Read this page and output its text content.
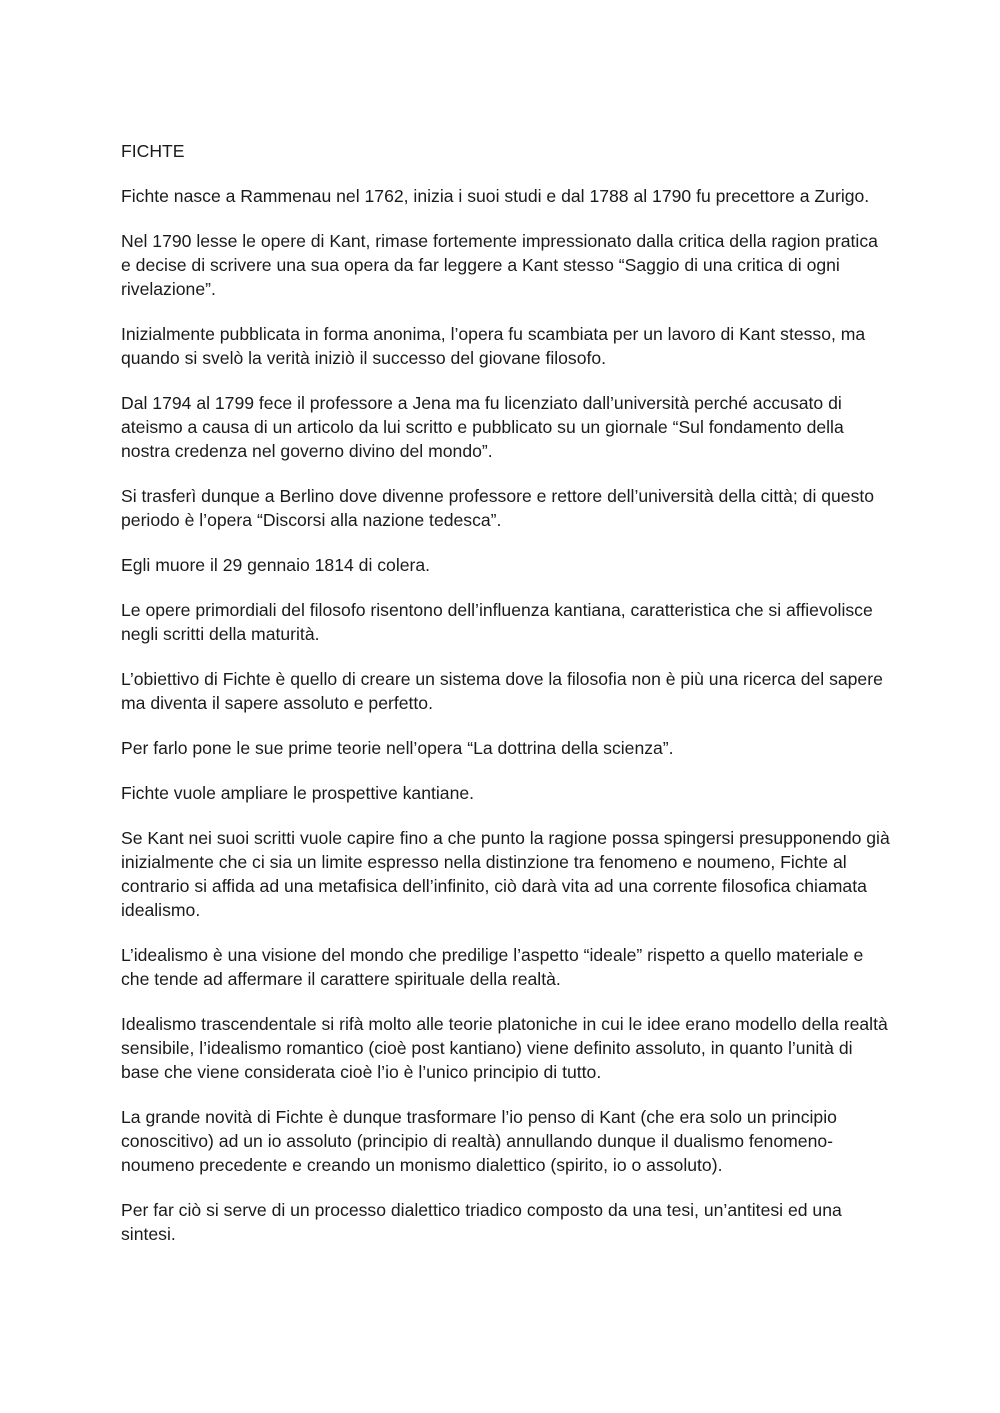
FICHTE

Fichte nasce a Rammenau nel 1762, inizia i suoi studi e dal 1788 al 1790 fu precettore a Zurigo.

Nel 1790 lesse le opere di Kant, rimase fortemente impressionato dalla critica della ragion pratica e decise di scrivere una sua opera da far leggere a Kant stesso “Saggio di una critica di ogni rivelazione”.

Inizialmente pubblicata in forma anonima, l’opera fu scambiata per un lavoro di Kant stesso, ma quando si svelò la verità iniziò il successo del giovane filosofo.

Dal 1794 al 1799 fece il professore a Jena ma fu licenziato dall’università perché accusato di ateismo a causa di un articolo da lui scritto e pubblicato su un giornale “Sul fondamento della nostra credenza nel governo divino del mondo”.

Si trasferì dunque a Berlino dove divenne professore e rettore dell’università della città; di questo periodo è l’opera “Discorsi alla nazione tedesca”.

Egli muore il 29 gennaio 1814 di colera.

Le opere primordiali del filosofo risentono dell’influenza kantiana, caratteristica che si affievolisce negli scritti della maturità.

L’obiettivo di Fichte è quello di creare un sistema dove la filosofia non è più una ricerca del sapere ma diventa il sapere assoluto e perfetto.

Per farlo pone le sue prime teorie nell’opera “La dottrina della scienza”.

Fichte vuole ampliare le prospettive kantiane.

Se Kant nei suoi scritti vuole capire fino a che punto la ragione possa spingersi presupponendo già inizialmente che ci sia un limite espresso nella distinzione tra fenomeno e noumeno, Fichte al contrario si affida ad una metafisica dell’infinito, ciò darà vita ad una corrente filosofica chiamata idealismo.

L’idealismo è una visione del mondo che predilige l’aspetto “ideale” rispetto a quello materiale e che tende ad affermare il carattere spirituale della realtà.

Idealismo trascendentale si rifà molto alle teorie platoniche in cui le idee erano modello della realtà sensibile, l’idealismo romantico (cioè post kantiano) viene definito assoluto, in quanto l’unità di base che viene considerata cioè l’io è l’unico principio di tutto.

La grande novità di Fichte è dunque trasformare l’io penso di Kant (che era solo un principio conoscitivo) ad un io assoluto (principio di realtà) annullando dunque il dualismo fenomeno-noumeno precedente e creando un monismo dialettico (spirito, io o assoluto).

Per far ciò si serve di un processo dialettico triadico composto da una tesi, un’antitesi ed una sintesi.
